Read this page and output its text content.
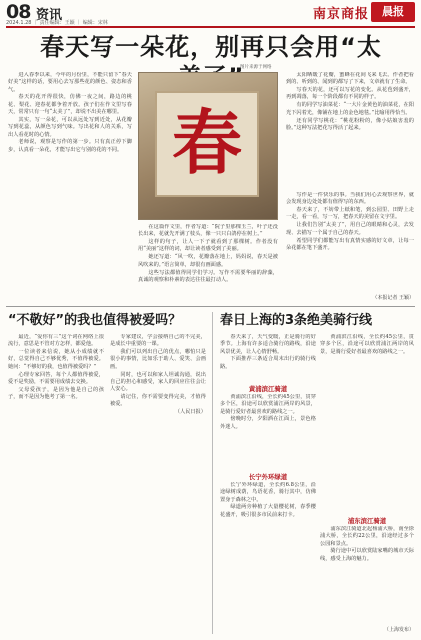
08 资讯
2024.1.28 ｜ 责任编辑：王颖 ｜ 编辑：宋林
南京商报	晨报
春天写一朵花，别再只会用“太

进入春季以来，今年的月份里，不能只留下“春天好美”这样的话，要用心去写那些花的颜色、姿态和香气。

春天的花开得很快，仿佛一夜之间，路边的桃花、梨花、迎春花都争着开放。孩子们在作文里写春天，常常只有一句“太美了”，却说不出美在哪里。

其实，写一朵花，可以从远处写到近处，从花瓣写到花蕊，从颜色写到气味。写出花和人的关系，写出人看花时的心情。

老师说，观察是写作的第一步。只有真正停下脚步，认真看一朵花，才能写出它与别的花的不同。 春
图片来源于网络

在这篇作文里，作者写道：“院子里那棵玉兰，叶子还没长出来，花就先开满了枝头，像一只只白鸽停在树上。”

这样的句子，让人一下子就看到了那棵树。作者没有用“美丽”这样的词，却让读者感受到了美丽。

她还写道：“风一吹，花瓣落在地上，妈妈说，春天是被风吹来的。”语言简单，却很有画面感。

这些写法都值得同学们学习。写作不需要华丽的辞藻，真诚的观察和朴素的表达往往最打动人。

太阳晒暖了花瓣，蜜蜂在花间飞来飞去。作者把看到的、听到的、闻到的都写了下来，文章就有了生命。

写春天的花，还可以写花的变化。从花苞到盛开，再到凋落，每一个阶段都有不同的样子。

有的同学写油菜花：“一大片金黄色的油菜花，在阳光下闪着光，像铺在地上的金色地毯。”比喻用得恰当。

还有同学写桃花：“桃花粉粉的，像小姑娘害羞的脸。”这种写法把花写得活了起来。

写作是一件快乐的事。当我们用心去观察世界，就会发现身边处处都有值得写的东西。

春天来了，不妨带上纸和笔，到公园里、田野上走一走，看一看，写一写，把春天的美留在文字里。

让我们告别“太美了”，用自己的眼睛和心灵，去发现、去描写一个属于自己的春天。

希望同学们都能写出有真情实感的好文章，让每一朵花都在笔下盛开。

（本报记者 王颖）
“不敬好”的我也值得被爱吗？

最近，“爱你有三”这个词在网络上很流行，意思是不管对方怎样，都爱他。

一位读者来信说，她从小成绩就不好，总觉得自己不够优秀，不值得被爱。她问：“不够好的我，也值得被爱吗？”

心理专家回答，每个人都值得被爱，爱不是奖励，不需要用成绩去交换。

父母爱孩子，是因为他是自己的孩子，而不是因为他考了第一名。

专家建议，学会接纳自己的不完美，是成长中重要的一课。

我们可以列出自己的优点，哪怕只是很小的事情，比如乐于助人、爱笑、会画画。

同时，也可以和家人坦诚沟通，说出自己的担心和感受，家人的回应往往会让人安心。

请记住，你不需要变得完美，才值得被爱。

（人民日报）

春日上海的3条绝美骑行线

春天来了，天气变暖，正是骑行的好季节。上海有许多适合骑行的路线，沿途风景优美，让人心情舒畅。

下面推荐三条适合周末出行的骑行线路。

黄浦滨江骑道

黄浦滨江沿线，全长约45公里，贯穿多个区，沿途可以欣赏浦江两岸的风景，是骑行爱好者最喜欢的路线之一。

傍晚时分，夕阳洒在江面上，景色格外迷人。

长宁外环绿道

长宁外环绿道，全长约6.8公里，沿途绿树成荫，鸟语花香，骑行其中，仿佛置身于森林之中。

绿道两旁种植了大量樱花树，春季樱花盛开，吸引很多市民前来打卡。

黄浦滨江沿线，全长约45公里，贯穿多个区，沿途可以欣赏浦江两岸的风景，是骑行爱好者最喜欢的路线之一。

浦东滨江骑道

浦东滨江骑道北起杨浦大桥，南至徐浦大桥，全长约22公里，沿途经过多个公园和景点。

骑行途中可以欣赏陆家嘴的城市天际线，感受上海的魅力。

（上海发布）
